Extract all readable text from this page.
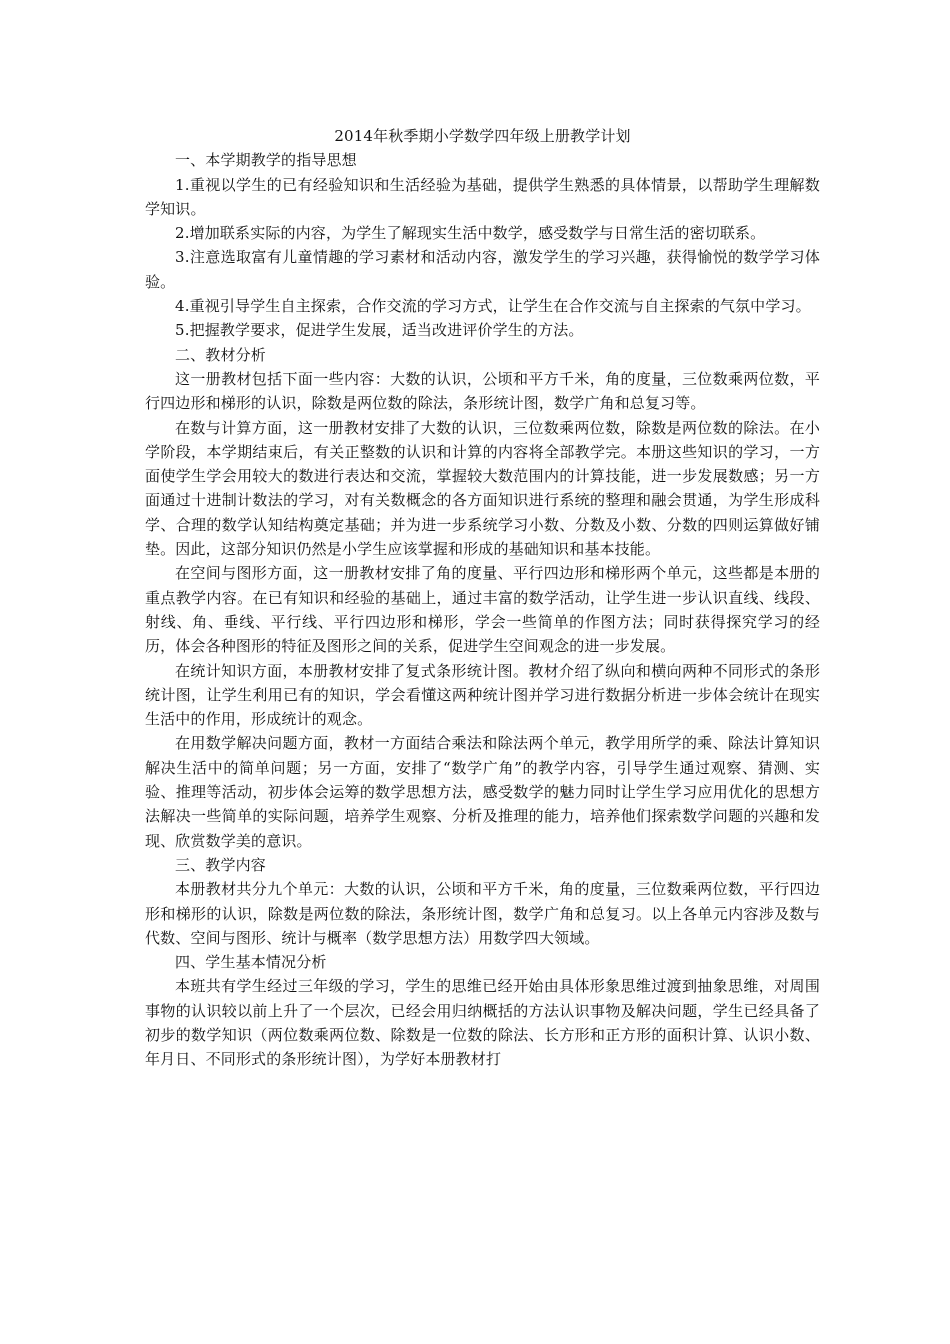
2014年秋季期小学数学四年级上册教学计划

一、本学期教学的指导思想

1.重视以学生的已有经验知识和生活经验为基础，提供学生熟悉的具体情景，以帮助学生理解数学知识。

2.增加联系实际的内容，为学生了解现实生活中数学，感受数学与日常生活的密切联系。

3.注意选取富有儿童情趣的学习素材和活动内容，激发学生的学习兴趣，获得愉悦的数学学习体验。

4.重视引导学生自主探索，合作交流的学习方式，让学生在合作交流与自主探索的气氛中学习。

5.把握教学要求，促进学生发展，适当改进评价学生的方法。

二、教材分析

这一册教材包括下面一些内容：大数的认识，公顷和平方千米，角的度量，三位数乘两位数，平行四边形和梯形的认识，除数是两位数的除法，条形统计图，数学广角和总复习等。

在数与计算方面，这一册教材安排了大数的认识，三位数乘两位数，除数是两位数的除法。在小学阶段，本学期结束后，有关正整数的认识和计算的内容将全部教学完。本册这些知识的学习，一方面使学生学会用较大的数进行表达和交流，掌握较大数范围内的计算技能，进一步发展数感；另一方面通过十进制计数法的学习，对有关数概念的各方面知识进行系统的整理和融会贯通，为学生形成科学、合理的数学认知结构奠定基础；并为进一步系统学习小数、分数及小数、分数的四则运算做好铺垫。因此，这部分知识仍然是小学生应该掌握和形成的基础知识和基本技能。

在空间与图形方面，这一册教材安排了角的度量、平行四边形和梯形两个单元，这些都是本册的重点教学内容。在已有知识和经验的基础上，通过丰富的数学活动，让学生进一步认识直线、线段、射线、角、垂线、平行线、平行四边形和梯形，学会一些简单的作图方法；同时获得探究学习的经历，体会各种图形的特征及图形之间的关系，促进学生空间观念的进一步发展。

在统计知识方面，本册教材安排了复式条形统计图。教材介绍了纵向和横向两种不同形式的条形统计图，让学生利用已有的知识，学会看懂这两种统计图并学习进行数据分析进一步体会统计在现实生活中的作用，形成统计的观念。

在用数学解决问题方面，教材一方面结合乘法和除法两个单元，教学用所学的乘、除法计算知识解决生活中的简单问题；另一方面，安排了“数学广角”的教学内容，引导学生通过观察、猜测、实验、推理等活动，初步体会运筹的数学思想方法，感受数学的魅力同时让学生学习应用优化的思想方法解决一些简单的实际问题，培养学生观察、分析及推理的能力，培养他们探索数学问题的兴趣和发现、欣赏数学美的意识。

三、教学内容

本册教材共分九个单元：大数的认识，公顷和平方千米，角的度量，三位数乘两位数，平行四边形和梯形的认识，除数是两位数的除法，条形统计图，数学广角和总复习。以上各单元内容涉及数与代数、空间与图形、统计与概率（数学思想方法）用数学四大领域。

四、学生基本情况分析

本班共有学生经过三年级的学习，学生的思维已经开始由具体形象思维过渡到抽象思维，对周围事物的认识较以前上升了一个层次，已经会用归纳概括的方法认识事物及解决问题，学生已经具备了初步的数学知识（两位数乘两位数、除数是一位数的除法、长方形和正方形的面积计算、认识小数、年月日、不同形式的条形统计图），为学好本册教材打
